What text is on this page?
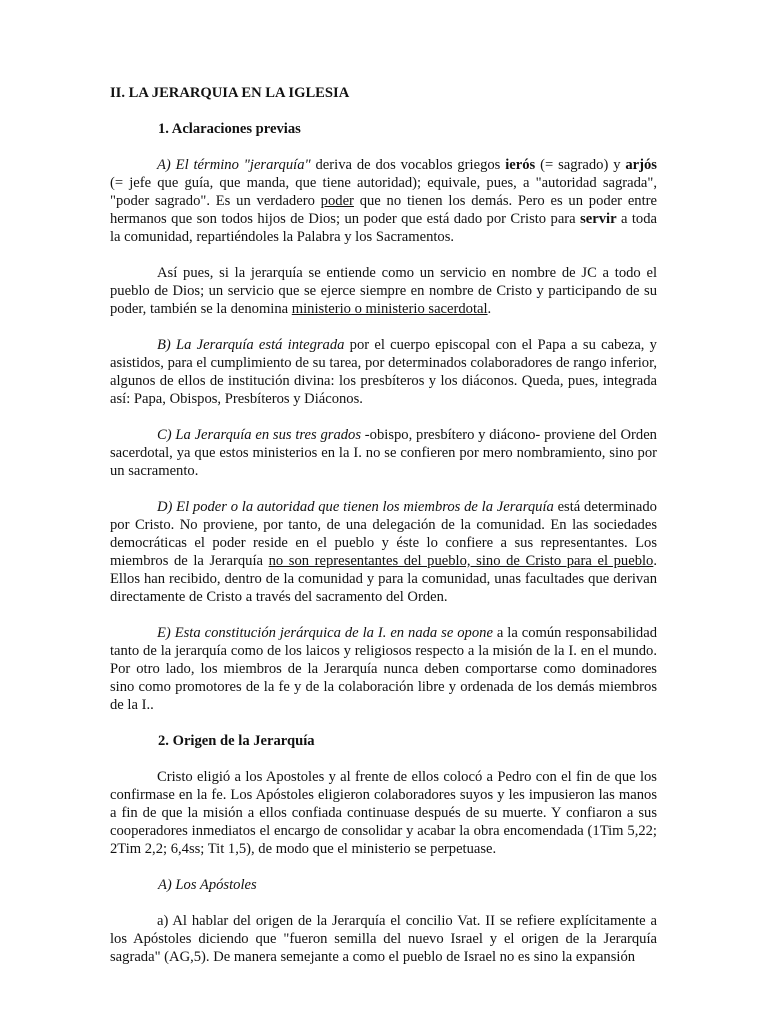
II. LA JERARQUIA EN LA IGLESIA
1. Aclaraciones previas

A) El término "jerarquía" deriva de dos vocablos griegos ierós (= sagrado) y arjós (= jefe que guía, que manda, que tiene autoridad); equivale, pues, a "autoridad sagrada", "poder sagrado". Es un verdadero poder que no tienen los demás. Pero es un poder entre hermanos que son todos hijos de Dios; un poder que está dado por Cristo para servir a toda la comunidad, repartiéndoles la Palabra y los Sacramentos.

Así pues, si la jerarquía se entiende como un servicio en nombre de JC a todo el pueblo de Dios; un servicio que se ejerce siempre en nombre de Cristo y participando de su poder, también se la denomina ministerio o ministerio sacerdotal.

B) La Jerarquía está integrada por el cuerpo episcopal con el Papa a su cabeza, y asistidos, para el cumplimiento de su tarea, por determinados colaboradores de rango inferior, algunos de ellos de institución divina: los presbíteros y los diáconos. Queda, pues, integrada así: Papa, Obispos, Presbíteros y Diáconos.

C) La Jerarquía en sus tres grados -obispo, presbítero y diácono- proviene del Orden sacerdotal, ya que estos ministerios en la I. no se confieren por mero nombramiento, sino por un sacramento.

D) El poder o la autoridad que tienen los miembros de la Jerarquía está determinado por Cristo. No proviene, por tanto, de una delegación de la comunidad. En las sociedades democráticas el poder reside en el pueblo y éste lo confiere a sus representantes. Los miembros de la Jerarquía no son representantes del pueblo, sino de Cristo para el pueblo. Ellos han recibido, dentro de la comunidad y para la comunidad, unas facultades que derivan directamente de Cristo a través del sacramento del Orden.

E) Esta constitución jerárquica de la I. en nada se opone a la común responsabilidad tanto de la jerarquía como de los laicos y religiosos respecto a la misión de la I. en el mundo. Por otro lado, los miembros de la Jerarquía nunca deben comportarse como dominadores sino como promotores de la fe y de la colaboración libre y ordenada de los demás miembros de la I..

2. Origen de la Jerarquía

Cristo eligió a los Apostoles y al frente de ellos colocó a Pedro con el fin de que los confirmase en la fe. Los Apóstoles eligieron colaboradores suyos y les impusieron las manos a fin de que la misión a ellos confiada continuase después de su muerte. Y confiaron a sus cooperadores inmediatos el encargo de consolidar y acabar la obra encomendada (1Tim 5,22; 2Tim 2,2; 6,4ss; Tit 1,5), de modo que el ministerio se perpetuase.

A) Los Apóstoles

a) Al hablar del origen de la Jerarquía el concilio Vat. II se refiere explícitamente a los Apóstoles diciendo que "fueron semilla del nuevo Israel y el origen de la Jerarquía sagrada" (AG,5). De manera semejante a como el pueblo de Israel no es sino la expansión
